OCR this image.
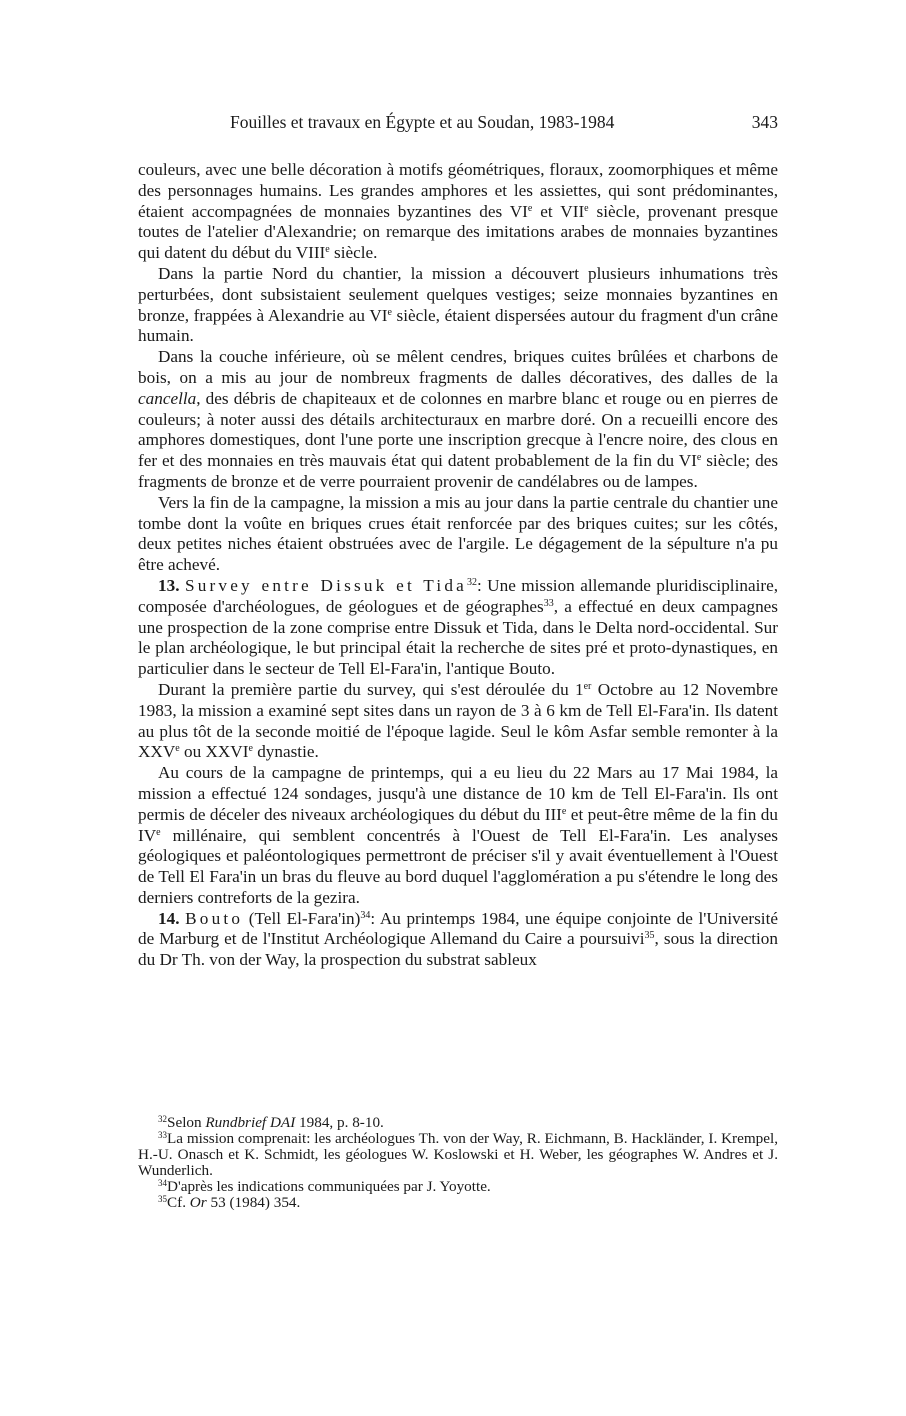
Fouilles et travaux en Égypte et au Soudan, 1983-1984	343

couleurs, avec une belle décoration à motifs géométriques, floraux, zoomorphiques et même des personnages humains. Les grandes amphores et les assiettes, qui sont prédominantes, étaient accompagnées de monnaies byzantines des VIe et VIIe siècle, provenant presque toutes de l'atelier d'Alexandrie; on remarque des imitations arabes de monnaies byzantines qui datent du début du VIIIe siècle.

Dans la partie Nord du chantier, la mission a découvert plusieurs inhumations très perturbées, dont subsistaient seulement quelques vestiges; seize monnaies byzantines en bronze, frappées à Alexandrie au VIe siècle, étaient dispersées autour du fragment d'un crâne humain.

Dans la couche inférieure, où se mêlent cendres, briques cuites brûlées et charbons de bois, on a mis au jour de nombreux fragments de dalles décoratives, des dalles de la cancella, des débris de chapiteaux et de colonnes en marbre blanc et rouge ou en pierres de couleurs; à noter aussi des détails architecturaux en marbre doré. On a recueilli encore des amphores domestiques, dont l'une porte une inscription grecque à l'encre noire, des clous en fer et des monnaies en très mauvais état qui datent probablement de la fin du VIe siècle; des fragments de bronze et de verre pourraient provenir de candélabres ou de lampes.

Vers la fin de la campagne, la mission a mis au jour dans la partie centrale du chantier une tombe dont la voûte en briques crues était renforcée par des briques cuites; sur les côtés, deux petites niches étaient obstruées avec de l'argile. Le dégagement de la sépulture n'a pu être achevé.

13. Survey entre Dissuk et Tida$^{32}$: Une mission allemande pluridisciplinaire, composée d'archéologues, de géologues et de géographes$^{33}$, a effectué en deux campagnes une prospection de la zone comprise entre Dissuk et Tida, dans le Delta nord-occidental. Sur le plan archéologique, le but principal était la recherche de sites pré et proto-dynastiques, en particulier dans le secteur de Tell El-Fara'in, l'antique Bouto.

Durant la première partie du survey, qui s'est déroulée du 1er Octobre au 12 Novembre 1983, la mission a examiné sept sites dans un rayon de 3 à 6 km de Tell El-Fara'in. Ils datent au plus tôt de la seconde moitié de l'époque lagide. Seul le kôm Asfar semble remonter à la XXVe ou XXVIe dynastie.

Au cours de la campagne de printemps, qui a eu lieu du 22 Mars au 17 Mai 1984, la mission a effectué 124 sondages, jusqu'à une distance de 10 km de Tell El-Fara'in. Ils ont permis de déceler des niveaux archéologiques du début du IIIe et peut-être même de la fin du IVe millénaire, qui semblent concentrés à l'Ouest de Tell El-Fara'in. Les analyses géologiques et paléontologiques permettront de préciser s'il y avait éventuellement à l'Ouest de Tell El Fara'in un bras du fleuve au bord duquel l'agglomération a pu s'étendre le long des derniers contreforts de la gezira.

14. Bouto (Tell El-Fara'in)$^{34}$: Au printemps 1984, une équipe conjointe de l'Université de Marburg et de l'Institut Archéologique Allemand du Caire a poursuivi$^{35}$, sous la direction du Dr Th. von der Way, la prospection du substrat sableux

$^{32}$Selon Rundbrief DAI 1984, p. 8-10.

$^{33}$La mission comprenait: les archéologues Th. von der Way, R. Eichmann, B. Hackländer, I. Krempel, H.-U. Onasch et K. Schmidt, les géologues W. Koslowski et H. Weber, les géographes W. Andres et J. Wunderlich.

$^{34}$D'après les indications communiquées par J. Yoyotte.

$^{35}$Cf. Or 53 (1984) 354.
